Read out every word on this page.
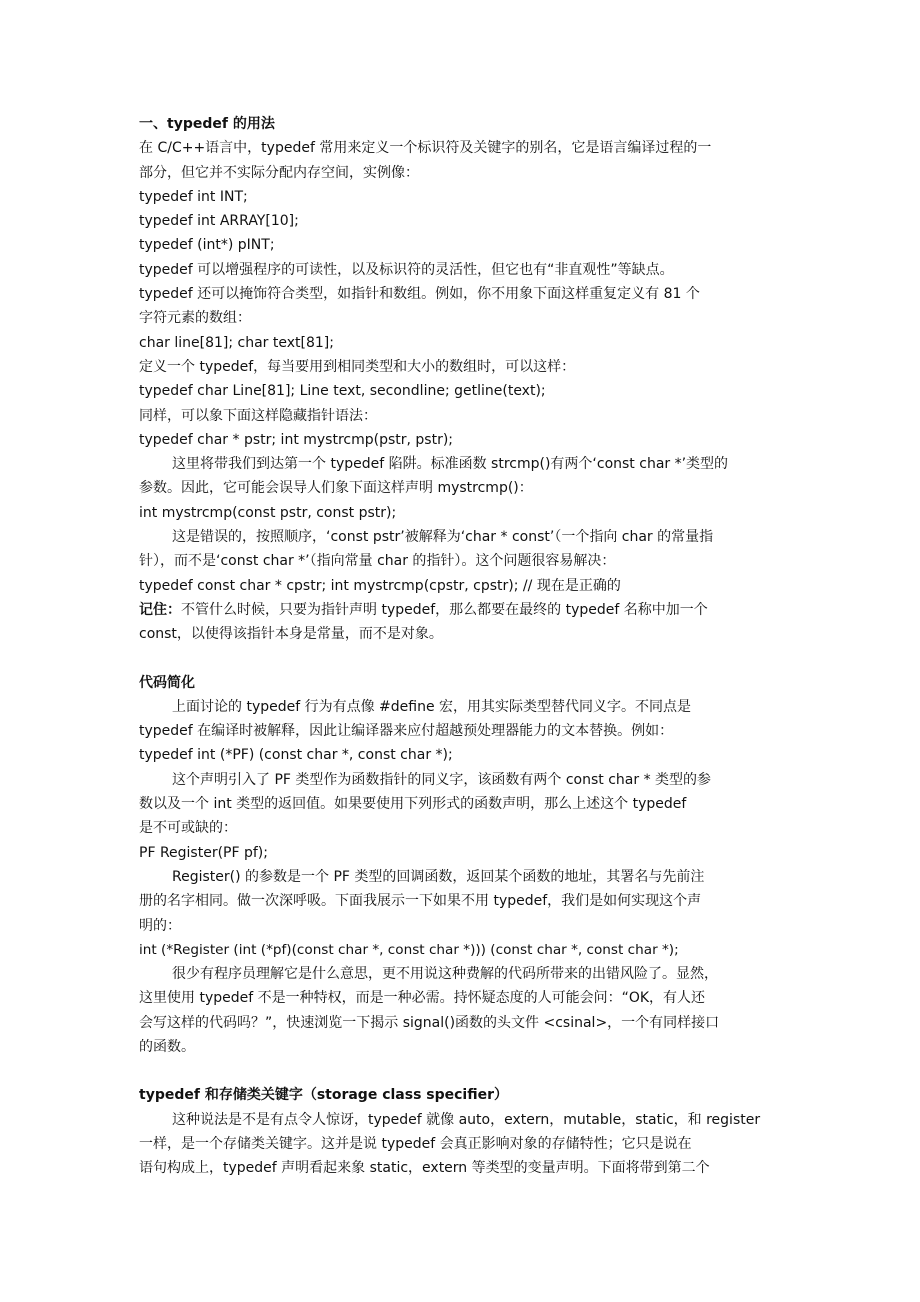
一、typedef 的用法
在 C/C++语言中，typedef 常用来定义一个标识符及关键字的别名，它是语言编译过程的一
部分，但它并不实际分配内存空间，实例像：
typedef int INT;
typedef int ARRAY[10];
typedef (int*) pINT;
typedef 可以增强程序的可读性，以及标识符的灵活性，但它也有“非直观性”等缺点。
typedef 还可以掩饰符合类型，如指针和数组。例如，你不用象下面这样重复定义有 81 个
字符元素的数组：
char line[81]; char text[81];
定义一个 typedef，每当要用到相同类型和大小的数组时，可以这样：
typedef char Line[81]; Line text, secondline; getline(text);
同样，可以象下面这样隐藏指针语法：
typedef char * pstr; int mystrcmp(pstr, pstr);
这里将带我们到达第一个 typedef 陷阱。标准函数 strcmp()有两个‘const char *’类型的
参数。因此，它可能会误导人们象下面这样声明 mystrcmp()：
int mystrcmp(const pstr, const pstr);
这是错误的，按照顺序，‘const pstr’被解释为‘char * const’（一个指向 char 的常量指
针），而不是‘const char *’（指向常量 char 的指针）。这个问题很容易解决：
typedef const char * cpstr; int mystrcmp(cpstr, cpstr); // 现在是正确的
记住：不管什么时候，只要为指针声明 typedef，那么都要在最终的 typedef 名称中加一个
const，以使得该指针本身是常量，而不是对象。
代码简化
上面讨论的 typedef 行为有点像 #define 宏，用其实际类型替代同义字。不同点是
typedef 在编译时被解释，因此让编译器来应付超越预处理器能力的文本替换。例如：
typedef int (*PF) (const char *, const char *);
这个声明引入了 PF 类型作为函数指针的同义字，该函数有两个 const char * 类型的参
数以及一个 int 类型的返回值。如果要使用下列形式的函数声明，那么上述这个 typedef
是不可或缺的：
PF Register(PF pf);
Register() 的参数是一个 PF 类型的回调函数，返回某个函数的地址，其署名与先前注
册的名字相同。做一次深呼吸。下面我展示一下如果不用 typedef，我们是如何实现这个声
明的：
int (*Register (int (*pf)(const char *, const char *))) (const char *, const char *);
很少有程序员理解它是什么意思，更不用说这种费解的代码所带来的出错风险了。显然，
这里使用 typedef 不是一种特权，而是一种必需。持怀疑态度的人可能会问：“OK，有人还
会写这样的代码吗？”，快速浏览一下揭示 signal()函数的头文件 <csinal>，一个有同样接口
的函数。
typedef 和存储类关键字（storage class specifier）
这种说法是不是有点令人惊讶，typedef 就像 auto，extern，mutable，static，和 register
一样，是一个存储类关键字。这并是说 typedef 会真正影响对象的存储特性；它只是说在
语句构成上，typedef 声明看起来象 static，extern 等类型的变量声明。下面将带到第二个
